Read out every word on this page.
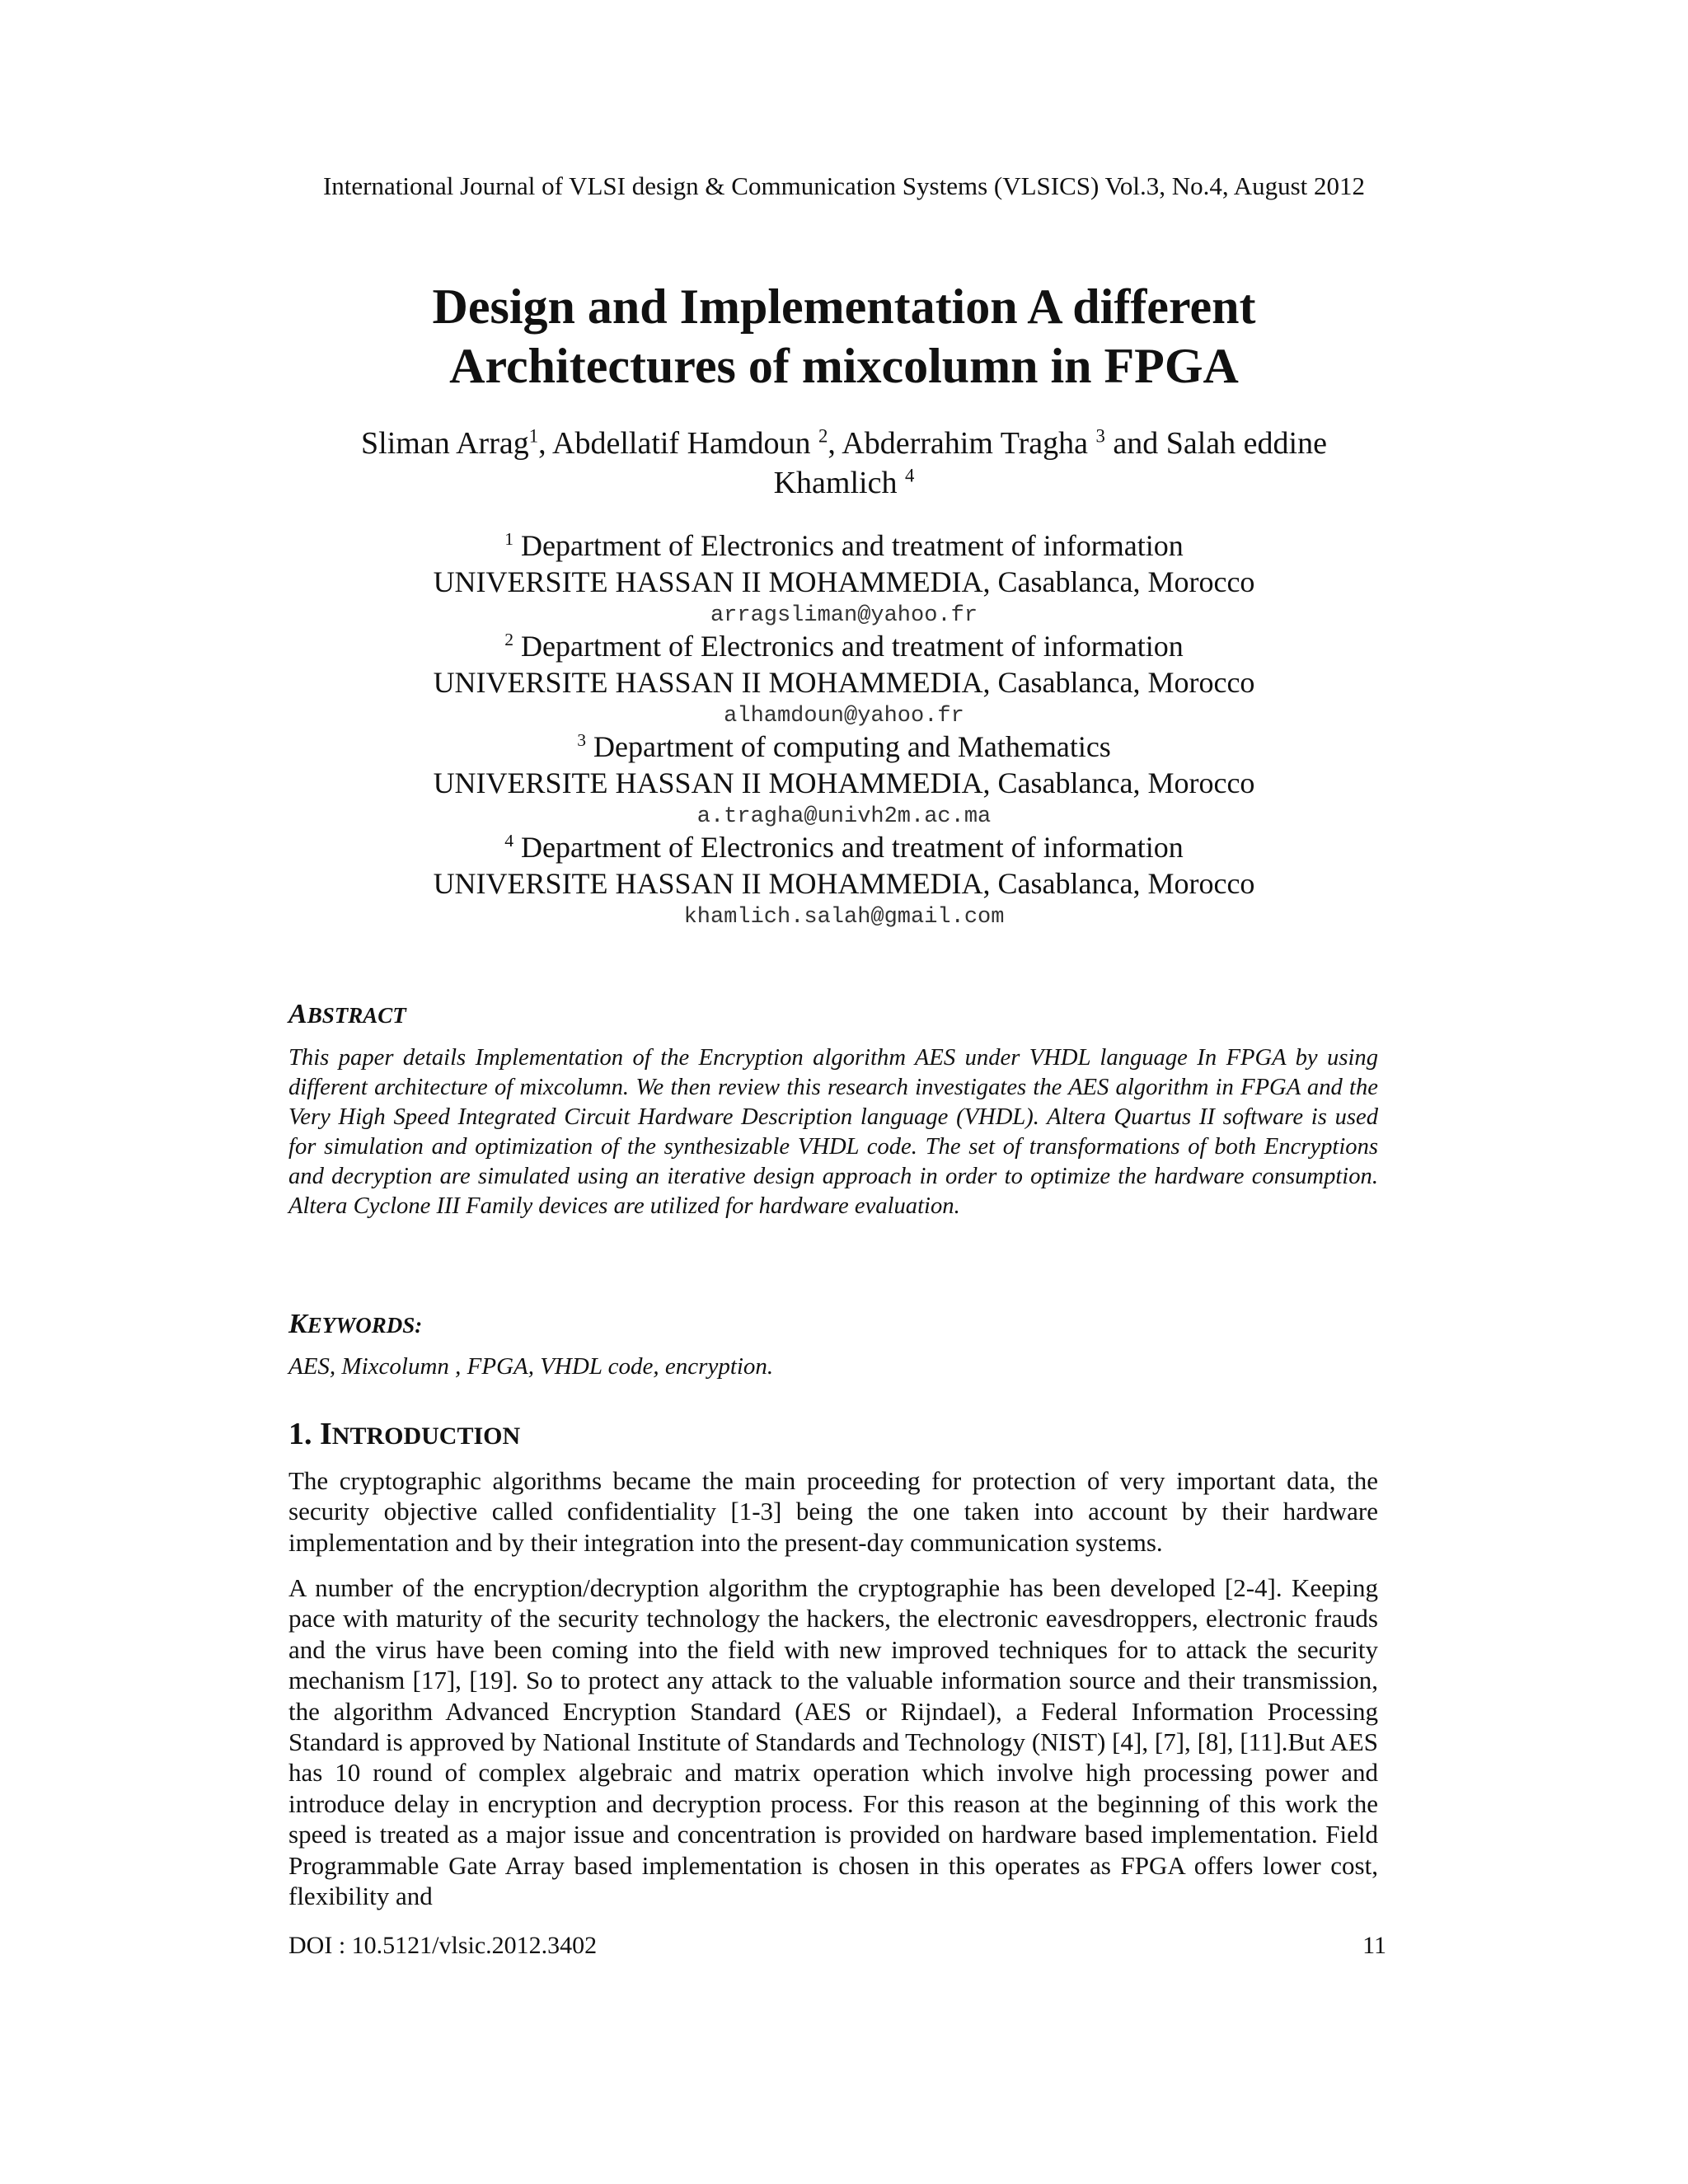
International Journal of VLSI design & Communication Systems (VLSICS) Vol.3, No.4, August 2012
Design and Implementation A different
Architectures of mixcolumn in FPGA
Sliman Arrag$^1$, Abdellatif Hamdoun $^2$, Abderrahim Tragha $^3$ and Salah eddine
Khamlich $^4$
$^1$ Department of Electronics and treatment of information
UNIVERSITE HASSAN II MOHAMMEDIA, Casablanca, Morocco
arragsliman@yahoo.fr
$^2$ Department of Electronics and treatment of information
UNIVERSITE HASSAN II MOHAMMEDIA, Casablanca, Morocco
alhamdoun@yahoo.fr
$^3$ Department of computing and Mathematics
UNIVERSITE HASSAN II MOHAMMEDIA, Casablanca, Morocco
a.tragha@univh2m.ac.ma
$^4$ Department of Electronics and treatment of information
UNIVERSITE HASSAN II MOHAMMEDIA, Casablanca, Morocco
khamlich.salah@gmail.com
ABSTRACT

This paper details Implementation of the Encryption algorithm AES under VHDL language In FPGA by using different architecture of mixcolumn. We then review this research investigates the AES algorithm in FPGA and the Very High Speed Integrated Circuit Hardware Description language (VHDL). Altera Quartus II software is used for simulation and optimization of the synthesizable VHDL code. The set of transformations of both Encryptions and decryption are simulated using an iterative design approach in order to optimize the hardware consumption. Altera Cyclone III Family devices are utilized for hardware evaluation.

KEYWORDS:
AES, Mixcolumn , FPGA, VHDL code, encryption.
1. INTRODUCTION

The cryptographic algorithms became the main proceeding for protection of very important data, the security objective called confidentiality [1-3] being the one taken into account by their hardware implementation and by their integration into the present-day communication systems.

A number of the encryption/decryption algorithm the cryptographie has been developed [2-4]. Keeping pace with maturity of the security technology the hackers, the electronic eavesdroppers, electronic frauds and the virus have been coming into the field with new improved techniques for to attack the security mechanism [17], [19]. So to protect any attack to the valuable information source and their transmission, the algorithm Advanced Encryption Standard (AES or Rijndael), a Federal Information Processing Standard is approved by National Institute of Standards and Technology (NIST) [4], [7], [8], [11].But AES has 10 round of complex algebraic and matrix operation which involve high processing power and introduce delay in encryption and decryption process. For this reason at the beginning of this work the speed is treated as a major issue and concentration is provided on hardware based implementation. Field Programmable Gate Array based implementation is chosen in this operates as FPGA offers lower cost, flexibility and

DOI : 10.5121/vlsic.2012.3402	11
